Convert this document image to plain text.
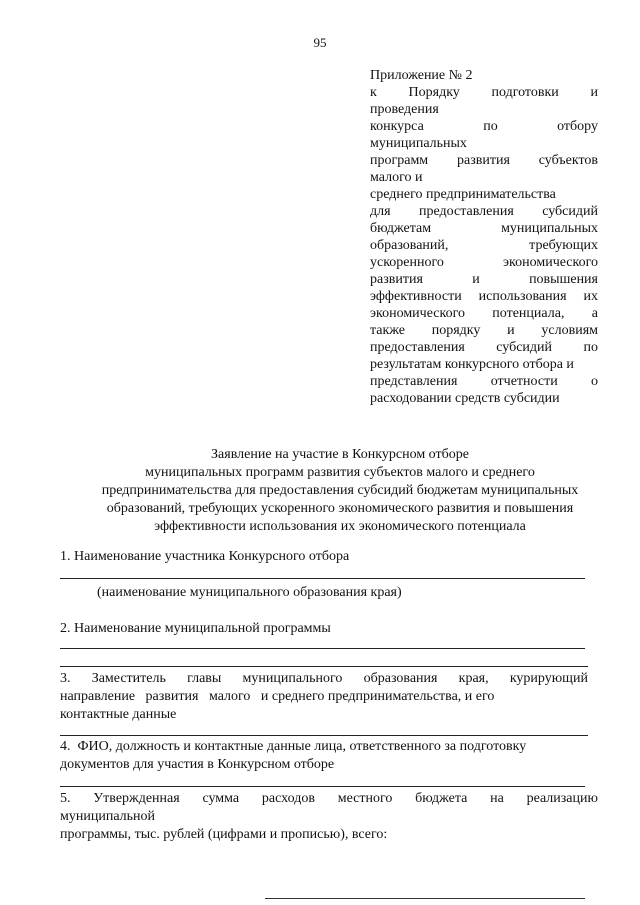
95
Приложение № 2
к Порядку подготовки и
проведения
конкурса	по	отбору
муниципальных
программ развития субъектов
малого и
среднего предпринимательства
для предоставления субсидий
бюджетам	муниципальных
образований,	требующих
ускоренного	экономического
развития	и	повышения
эффективности использования их
экономического потенциала, а
также порядку и условиям
предоставления субсидий по
результатам конкурсного отбора и
представления отчетности о
расходовании средств субсидии
Заявление на участие в Конкурсном отборе
муниципальных программ развития субъектов малого и среднего
предпринимательства для предоставления субсидий бюджетам муниципальных
образований, требующих ускоренного экономического развития и повышения
эффективности использования их экономического потенциала
1. Наименование участника Конкурсного отбора
(наименование муниципального образования края)
2. Наименование муниципальной программы
3. Заместитель главы муниципального образования края, курирующий
направление   развития   малого   и среднего предпринимательства, и его
контактные данные
4.  ФИО, должность и контактные данные лица, ответственного за подготовку
документов для участия в Конкурсном отборе
5. Утвержденная сумма расходов местного бюджета на реализацию
муниципальной
программы, тыс. рублей (цифрами и прописью), всего:
